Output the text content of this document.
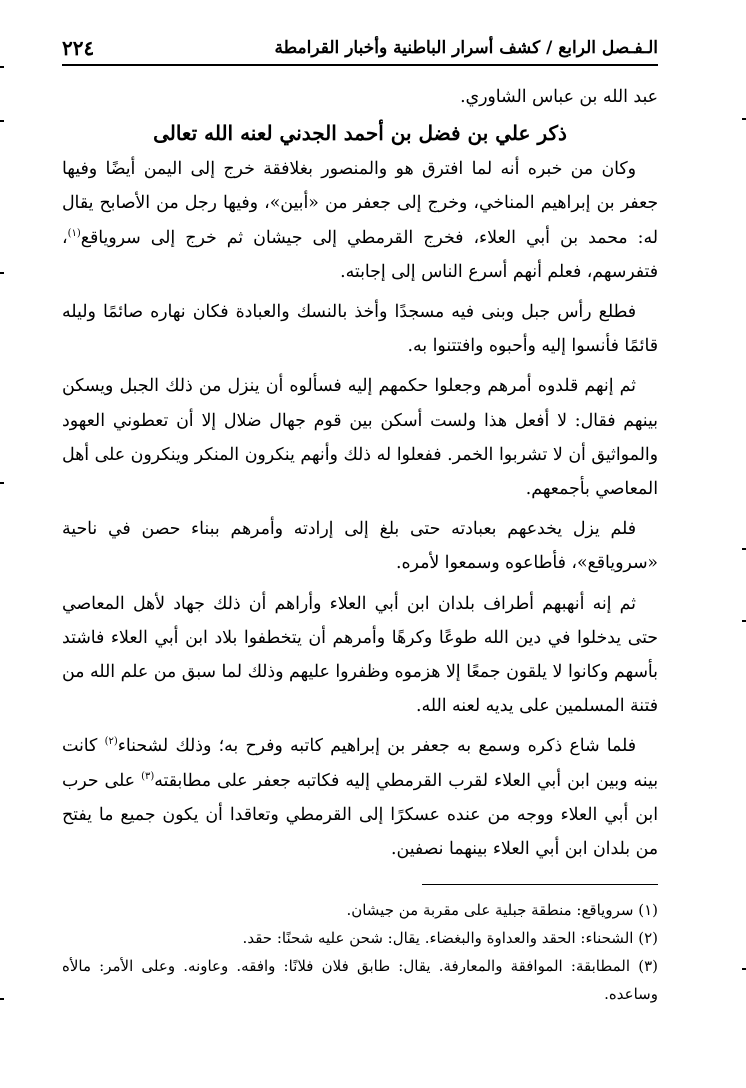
٢٢٤	الـفـصل الرابع / كشف أسرار الباطنية وأخبار القرامطة

عبد الله بن عباس الشاوري.

ذكر علي بن فضل بن أحمد الجدني لعنه الله تعالى

وكان من خبره أنه لما افترق هو والمنصور بغلافقة خرج إلى اليمن أيضًا وفيها جعفر بن إبراهيم المناخي، وخرج إلى جعفر من «أبين»، وفيها رجل من الأصابح يقال له: محمد بن أبي العلاء، فخرج القرمطي إلى جيشان ثم خرج إلى سروياقع$^{(١)}$، فتفرسهم، فعلم أنهم أسرع الناس إلى إجابته.

فطلع رأس جبل وبنى فيه مسجدًا وأخذ بالنسك والعبادة فكان نهاره صائمًا وليله قائمًا فأنسوا إليه وأحبوه وافتتنوا به.

ثم إنهم قلدوه أمرهم وجعلوا حكمهم إليه فسألوه أن ينزل من ذلك الجبل ويسكن بينهم فقال: لا أفعل هذا ولست أسكن بين قوم جهال ضلال إلا أن تعطوني العهود والمواثيق أن لا تشربوا الخمر. ففعلوا له ذلك وأنهم ينكرون المنكر وينكرون على أهل المعاصي بأجمعهم.

فلم يزل يخدعهم بعبادته حتى بلغ إلى إرادته وأمرهم ببناء حصن في ناحية «سروياقع»، فأطاعوه وسمعوا لأمره.

ثم إنه أنهبهم أطراف بلدان ابن أبي العلاء وأراهم أن ذلك جهاد لأهل المعاصي حتى يدخلوا في دين الله طوعًا وكرهًا وأمرهم أن يتخطفوا بلاد ابن أبي العلاء فاشتد بأسهم وكانوا لا يلقون جمعًا إلا هزموه وظفروا عليهم وذلك لما سبق من علم الله من فتنة المسلمين على يديه لعنه الله.

فلما شاع ذكره وسمع به جعفر بن إبراهيم كاتبه وفرح به؛ وذلك لشحناء$^{(٢)}$ كانت بينه وبين ابن أبي العلاء لقرب القرمطي إليه فكاتبه جعفر على مطابقته$^{(٣)}$ على حرب ابن أبي العلاء ووجه من عنده عسكرًا إلى القرمطي وتعاقدا أن يكون جميع ما يفتح من بلدان ابن أبي العلاء بينهما نصفين.

(١) سروياقع: منطقة جبلية على مقربة من جيشان.

(٢) الشحناء: الحقد والعداوة والبغضاء. يقال: شحن عليه شحنًا: حقد.

(٣) المطابقة: الموافقة والمعارفة. يقال: طابق فلان فلانًا: وافقه. وعاونه. وعلى الأمر: مالأه وساعده.
